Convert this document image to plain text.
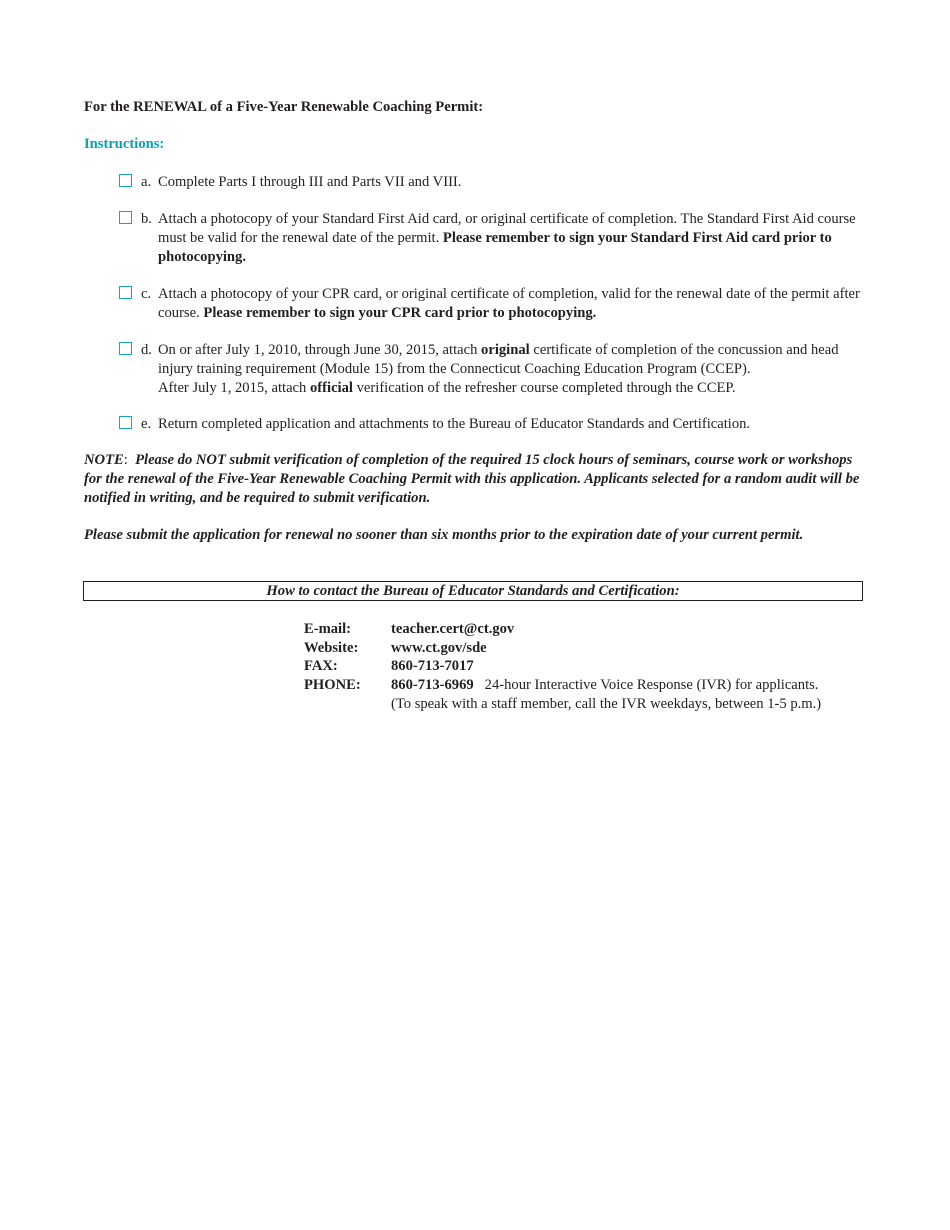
For the RENEWAL of a Five-Year Renewable Coaching Permit:
Instructions:
a. Complete Parts I through III and Parts VII and VIII.
b. Attach a photocopy of your Standard First Aid card, or original certificate of completion. The Standard First Aid course must be valid for the renewal date of the permit. Please remember to sign your Standard First Aid card prior to photocopying.
c. Attach a photocopy of your CPR card, or original certificate of completion, valid for the renewal date of the permit after course. Please remember to sign your CPR card prior to photocopying.
d. On or after July 1, 2010, through June 30, 2015, attach original certificate of completion of the concussion and head injury training requirement (Module 15) from the Connecticut Coaching Education Program (CCEP).
After July 1, 2015, attach official verification of the refresher course completed through the CCEP.
e. Return completed application and attachments to the Bureau of Educator Standards and Certification.
NOTE: Please do NOT submit verification of completion of the required 15 clock hours of seminars, course work or workshops for the renewal of the Five-Year Renewable Coaching Permit with this application. Applicants selected for a random audit will be notified in writing, and be required to submit verification.
Please submit the application for renewal no sooner than six months prior to the expiration date of your current permit.
How to contact the Bureau of Educator Standards and Certification:
E-mail:	teacher.cert@ct.gov
Website: www.ct.gov/sde
FAX:	860-713-7017
PHONE: 860-713-6969 24-hour Interactive Voice Response (IVR) for applicants.
(To speak with a staff member, call the IVR weekdays, between 1-5 p.m.)
